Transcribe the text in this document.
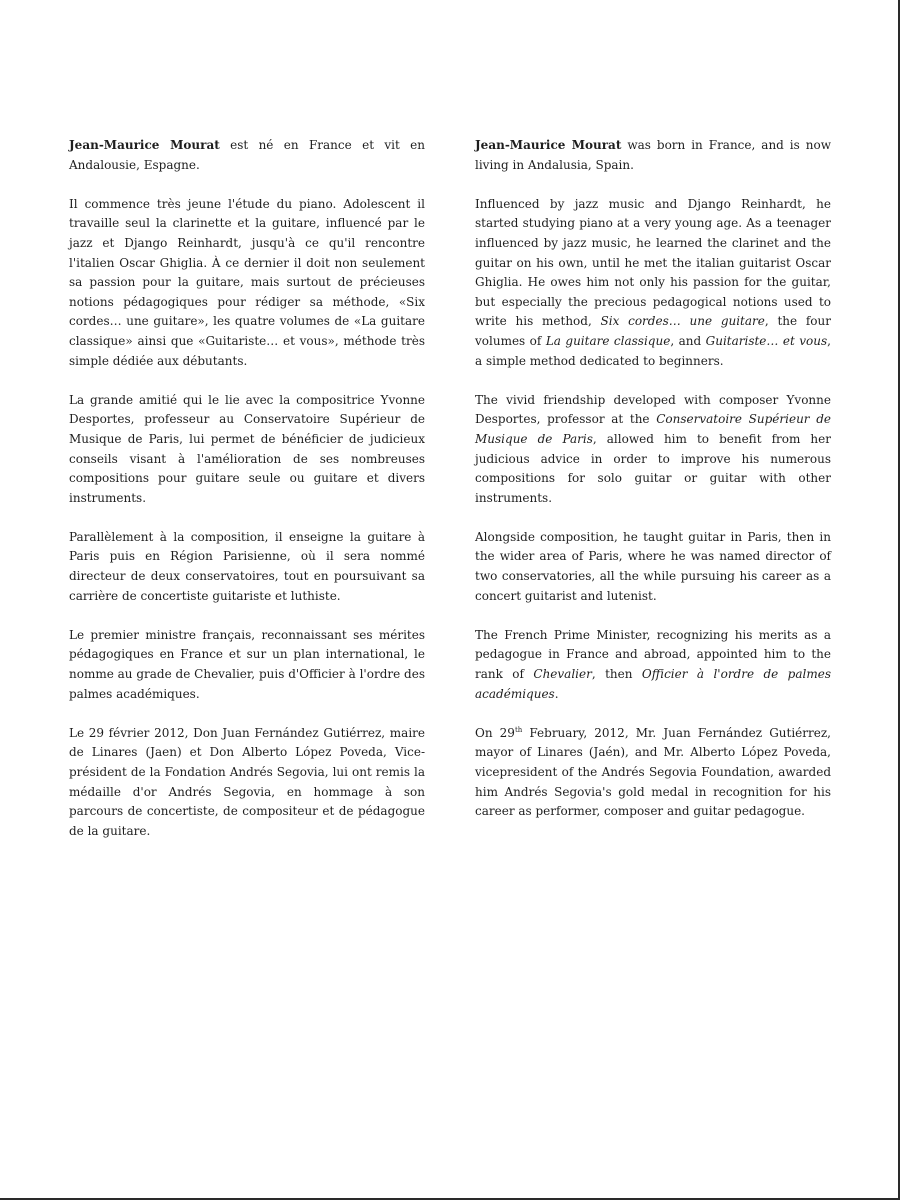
Jean-Maurice Mourat est né en France et vit en Andalousie, Espagne.

Il commence très jeune l'étude du piano. Adolescent il travaille seul la clarinette et la guitare, influencé par le jazz et Django Reinhardt, jusqu'à ce qu'il rencontre l'italien Oscar Ghiglia. À ce dernier il doit non seulement sa passion pour la guitare, mais surtout de précieuses notions pédagogiques pour rédiger sa méthode, «Six cordes… une guitare», les quatre volumes de «La guitare classique» ainsi que «Guitariste… et vous», méthode très simple dédiée aux débutants.

La grande amitié qui le lie avec la compositrice Yvonne Desportes, professeur au Conservatoire Supérieur de Musique de Paris, lui permet de bénéficier de judicieux conseils visant à l'amélioration de ses nombreuses compositions pour guitare seule ou guitare et divers instruments.

Parallèlement à la composition, il enseigne la guitare à Paris puis en Région Parisienne, où il sera nommé directeur de deux conservatoires, tout en poursuivant sa carrière de concertiste guitariste et luthiste.

Le premier ministre français, reconnaissant ses mérites pédagogiques en France et sur un plan international, le nomme au grade de Chevalier, puis d'Officier à l'ordre des palmes académiques.

Le 29 février 2012, Don Juan Fernández Gutiérrez, maire de Linares (Jaen) et Don Alberto López Poveda, Vice-président de la Fondation Andrés Segovia, lui ont remis la médaille d'or Andrés Segovia, en hommage à son parcours de concertiste, de compositeur et de pédagogue de la guitare.

Jean-Maurice Mourat was born in France, and is now living in Andalusia, Spain.

Influenced by jazz music and Django Reinhardt, he started studying piano at a very young age. As a teenager influenced by jazz music, he learned the clarinet and the guitar on his own, until he met the italian guitarist Oscar Ghiglia. He owes him not only his passion for the guitar, but especially the precious pedagogical notions used to write his method, Six cordes… une guitare, the four volumes of La guitare classique, and Guitariste… et vous, a simple method dedicated to beginners.

The vivid friendship developed with composer Yvonne Desportes, professor at the Conservatoire Supérieur de Musique de Paris, allowed him to benefit from her judicious advice in order to improve his numerous compositions for solo guitar or guitar with other instruments.

Alongside composition, he taught guitar in Paris, then in the wider area of Paris, where he was named director of two conservatories, all the while pursuing his career as a concert guitarist and lutenist.

The French Prime Minister, recognizing his merits as a pedagogue in France and abroad, appointed him to the rank of Chevalier, then Officier à l'ordre de palmes académiques.

On 29th February, 2012, Mr. Juan Fernández Gutiérrez, mayor of Linares (Jaén), and Mr. Alberto López Poveda, vicepresident of the Andrés Segovia Foundation, awarded him Andrés Segovia's gold medal in recognition for his career as performer, composer and guitar pedagogue.
